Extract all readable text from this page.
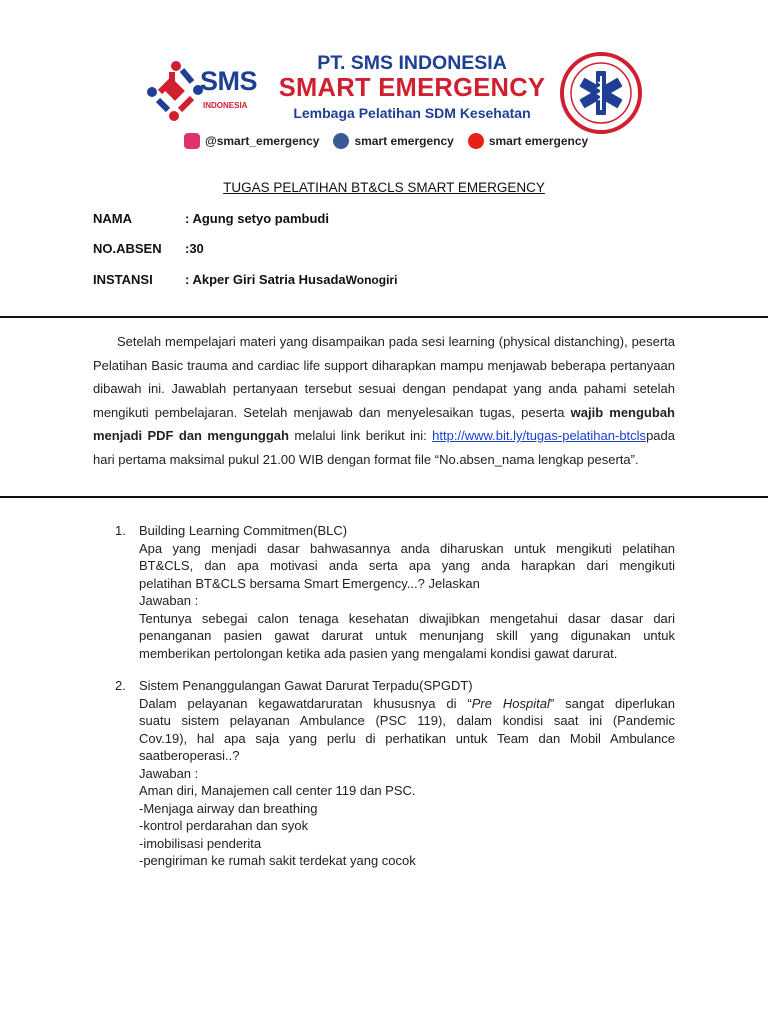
SMS
INDONESIA
PT. SMS INDONESIA
SMART EMERGENCY
Lembaga Pelatihan SDM Kesehatan
@smart_emergency	smart emergency	smart emergency
TUGAS PELATIHAN BT&CLS SMART EMERGENCY
NAMA	: Agung setyo pambudi
NO.ABSEN :30
INSTANSI : Akper Giri Satria HusadaWonogiri
Setelah mempelajari materi yang disampaikan pada sesi learning (physical distanching), peserta Pelatihan Basic trauma and cardiac life support diharapkan mampu menjawab beberapa pertanyaan dibawah ini. Jawablah pertanyaan tersebut sesuai dengan pendapat yang anda pahami setelah mengikuti pembelajaran. Setelah menjawab dan menyelesaikan tugas, peserta wajib mengubah menjadi PDF dan mengunggah melalui link berikut ini: http://www.bit.ly/tugas-pelatihan-btclspada hari pertama maksimal pukul 21.00 WIB dengan format file “No.absen_nama lengkap peserta”.
1. Building Learning Commitmen(BLC)
Apa yang menjadi dasar bahwasannya anda diharuskan untuk mengikuti pelatihan
BT&CLS, dan apa motivasi anda serta apa yang anda harapkan dari mengikuti
pelatihan BT&CLS bersama Smart Emergency...? Jelaskan
Jawaban :
Tentunya sebegai calon tenaga kesehatan diwajibkan mengetahui dasar dasar dari
penanganan pasien gawat darurat untuk menunjang skill yang digunakan untuk
memberikan pertolongan ketika ada pasien yang mengalami kondisi gawat darurat.
2. Sistem Penanggulangan Gawat Darurat Terpadu(SPGDT)
Dalam pelayanan kegawatdaruratan khususnya di “Pre Hospital” sangat diperlukan
suatu sistem pelayanan Ambulance (PSC 119), dalam kondisi saat ini (Pandemic
Cov.19), hal apa saja yang perlu di perhatikan untuk Team dan Mobil Ambulance
saatberoperasi..?
Jawaban :
Aman diri, Manajemen call center 119 dan PSC.
-Menjaga airway dan breathing
-kontrol perdarahan dan syok
-imobilisasi penderita
-pengiriman ke rumah sakit terdekat yang cocok
